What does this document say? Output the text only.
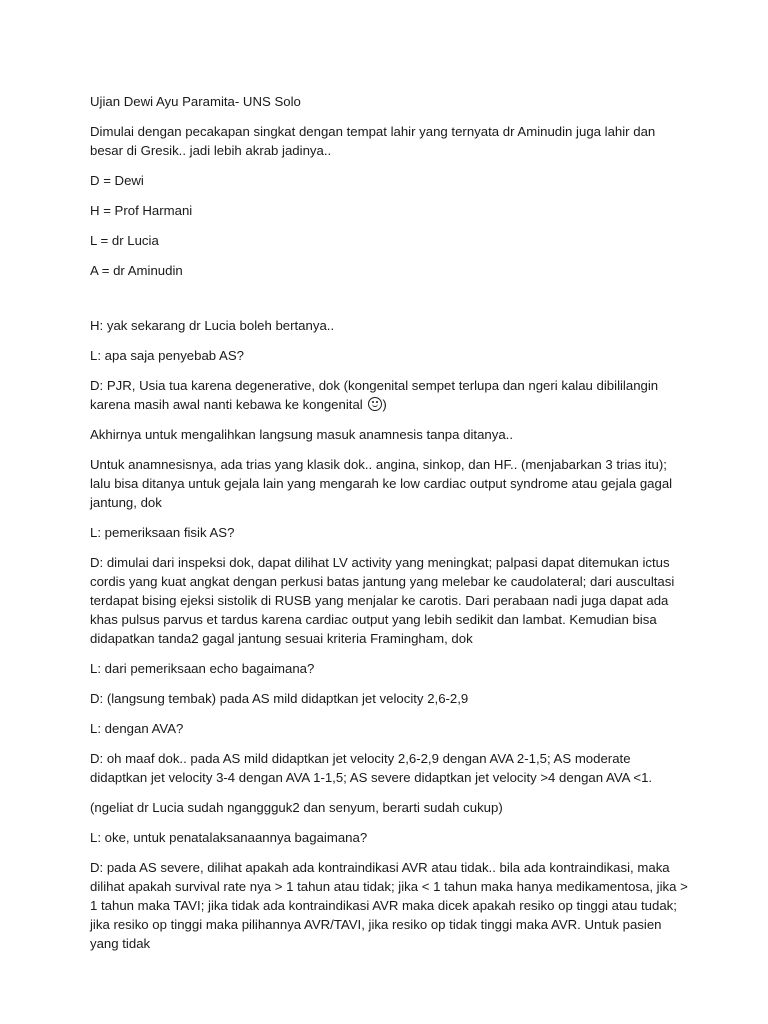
Ujian Dewi Ayu Paramita- UNS Solo

Dimulai dengan pecakapan singkat dengan tempat lahir yang ternyata dr Aminudin juga lahir dan besar di Gresik.. jadi lebih akrab jadinya..

D = Dewi

H = Prof Harmani

L = dr Lucia

A = dr Aminudin

H: yak sekarang dr Lucia boleh bertanya..

L: apa saja penyebab AS?

D: PJR, Usia tua karena degenerative, dok (kongenital sempet terlupa dan ngeri kalau dibililangin karena masih awal nanti kebawa ke kongenital )

Akhirnya untuk mengalihkan langsung masuk anamnesis tanpa ditanya..

Untuk anamnesisnya, ada trias yang klasik dok.. angina, sinkop, dan HF.. (menjabarkan 3 trias itu); lalu bisa ditanya untuk gejala lain yang mengarah ke low cardiac output syndrome atau gejala gagal jantung, dok

L: pemeriksaan fisik AS?

D: dimulai dari inspeksi dok, dapat dilihat LV activity yang meningkat; palpasi dapat ditemukan ictus cordis yang kuat angkat dengan perkusi batas jantung yang melebar ke caudolateral; dari auscultasi terdapat bising ejeksi sistolik di RUSB yang menjalar ke carotis. Dari perabaan nadi juga dapat ada khas pulsus parvus et tardus karena cardiac output yang lebih sedikit dan lambat. Kemudian bisa didapatkan tanda2 gagal jantung sesuai kriteria Framingham, dok

L: dari pemeriksaan echo bagaimana?

D: (langsung tembak) pada AS mild didaptkan jet velocity 2,6-2,9

L: dengan AVA?

D: oh maaf dok.. pada AS mild didaptkan jet velocity 2,6-2,9 dengan AVA 2-1,5; AS moderate didaptkan jet velocity 3-4 dengan AVA 1-1,5; AS severe didaptkan jet velocity >4 dengan AVA <1.

(ngeliat dr Lucia sudah nganggguk2 dan senyum, berarti sudah cukup)

L: oke, untuk penatalaksanaannya bagaimana?

D: pada AS severe, dilihat apakah ada kontraindikasi AVR atau tidak.. bila ada kontraindikasi, maka dilihat apakah survival rate nya > 1 tahun atau tidak; jika < 1 tahun maka hanya medikamentosa, jika > 1 tahun maka TAVI; jika tidak ada kontraindikasi AVR maka dicek apakah resiko op tinggi atau tudak; jika resiko op tinggi maka pilihannya AVR/TAVI, jika resiko op tidak tinggi maka AVR. Untuk pasien yang tidak
